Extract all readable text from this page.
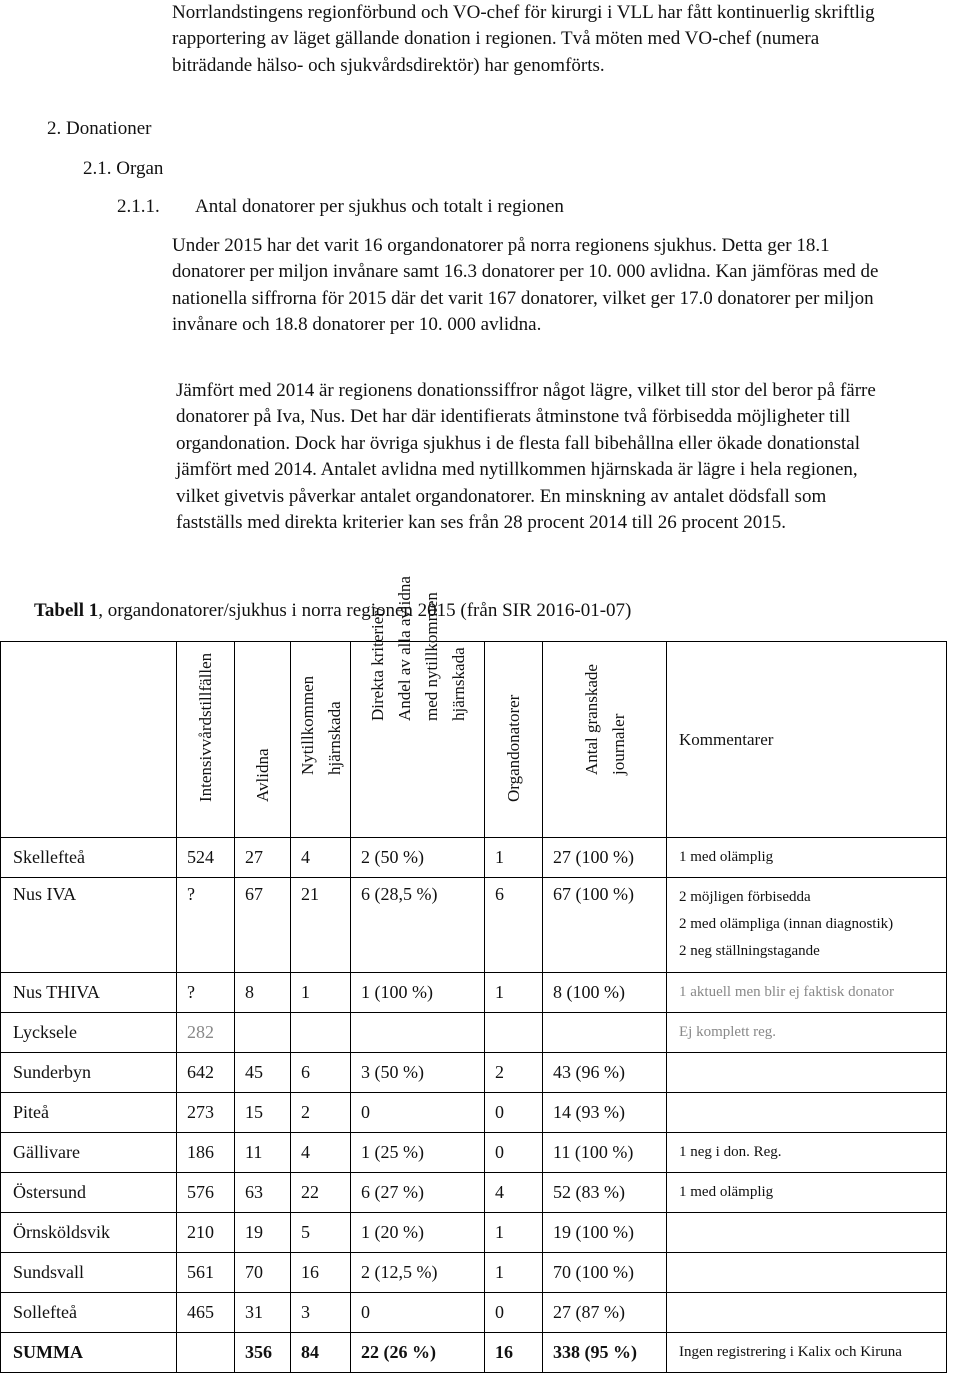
Norrlandstingens regionförbund och VO-chef för kirurgi i VLL har fått kontinuerlig skriftlig rapportering av läget gällande donation i regionen. Två möten med VO-chef (numera biträdande hälso- och sjukvårdsdirektör) har genomförts.
2. Donationer
2.1. Organ
2.1.1. Antal donatorer per sjukhus och totalt i regionen
Under 2015 har det varit 16 organdonatorer på norra regionens sjukhus. Detta ger 18.1 donatorer per miljon invånare samt 16.3 donatorer per 10. 000 avlidna. Kan jämföras med de nationella siffrorna för 2015 där det varit 167 donatorer, vilket ger 17.0 donatorer per miljon invånare och 18.8 donatorer per 10. 000 avlidna.
Jämfört med 2014 är regionens donationssiffror något lägre, vilket till stor del beror på färre donatorer på Iva, Nus. Det har där identifierats åtminstone två förbisedda möjligheter till organdonation. Dock har övriga sjukhus i de flesta fall bibehållna eller ökade donationstal jämfört med 2014. Antalet avlidna med nytillkommen hjärnskada är lägre i hela regionen, vilket givetvis påverkar antalet organdonatorer. En minskning av antalet dödsfall som fastställs med direkta kriterier kan ses från 28 procent 2014 till 26 procent 2015.
Tabell 1, organdonatorer/sjukhus i norra regionen 2015 (från SIR 2016-01-07)

	Intensivvårdstillfällen	Avlidna	Nytillkommen hjärnskada	Direkta kriterier/ Andel av alla avlidna med nytillkommen hjärnskada	Organdonatorer	Antal granskade journaler	Kommentarer
Skellefteå	524	27	4	2 (50 %)	1	27 (100 %)	1 med olämplig

Nus IVA	?	67	21	6 (28,5 %)	6	67 (100 %)	2 möjligen förbisedda
2 med olämpliga (innan diagnostik)
2 neg ställningstagande

Nus THIVA	?	8	1	1 (100 %)	1	8 (100 %)	1 aktuell men blir ej faktisk donator

Lycksele	282						Ej komplett reg.

Sunderbyn	642	45	6	3 (50 %)	2	43 (96 %)	
Piteå	273	15	2	0	0	14 (93 %)	
Gällivare	186	11	4	1 (25 %)	0	11 (100 %)	1 neg i don. Reg.

Östersund	576	63	22	6 (27 %)	4	52 (83 %)	1 med olämplig

Örnsköldsvik	210	19	5	1 (20 %)	1	19 (100 %)	
Sundsvall	561	70	16	2 (12,5 %)	1	70 (100 %)	
Sollefteå	465	31	3	0	0	27 (87 %)	
SUMMA		356	84	22 (26 %)	16	338 (95 %)	Ingen registrering i Kalix och Kiruna
